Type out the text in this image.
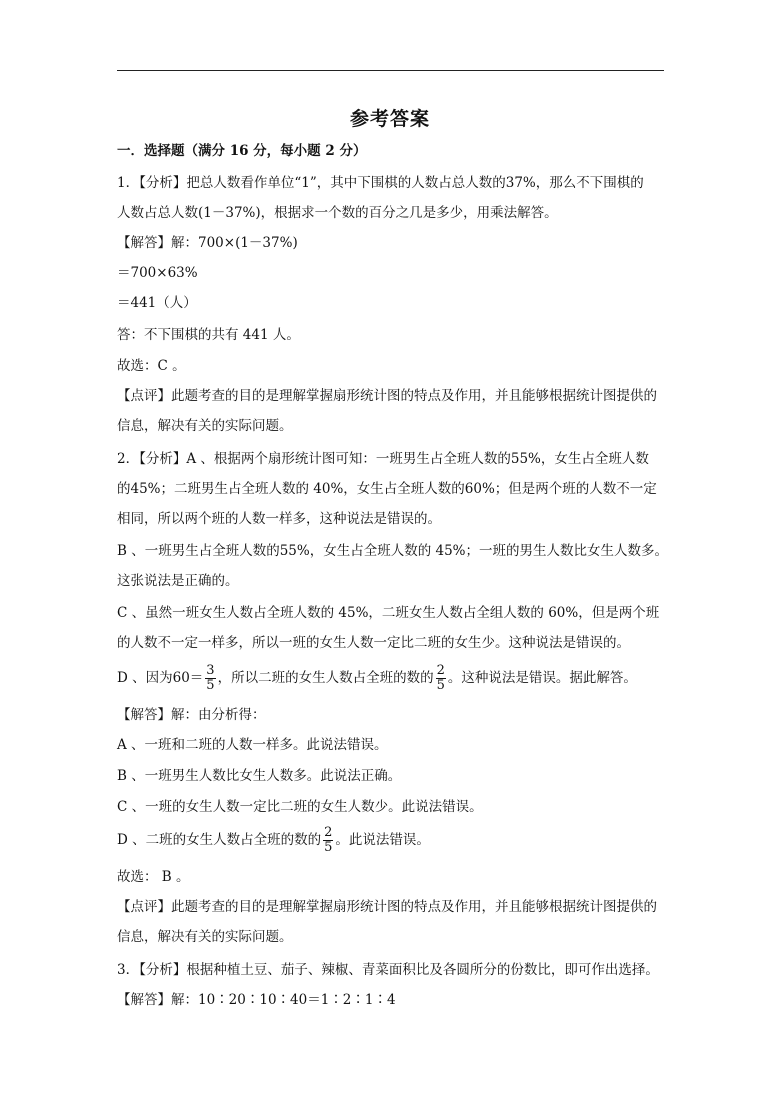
参考答案
一．选择题（满分 16 分，每小题 2 分）
1．【分析】把总人数看作单位“1”，其中下围棋的人数占总人数的37%，那么不下围棋的
人数占总人数(1－37%)，根据求一个数的百分之几是多少，用乘法解答。
【解答】解：700×(1－37%)
＝700×63%
＝441（人）
答：不下围棋的共有 441 人。
故选：C 。
【点评】此题考查的目的是理解掌握扇形统计图的特点及作用，并且能够根据统计图提供的
信息，解决有关的实际问题。
2．【分析】A 、根据两个扇形统计图可知：一班男生占全班人数的55%，女生占全班人数
的45%；二班男生占全班人数的 40%，女生占全班人数的60%；但是两个班的人数不一定
相同，所以两个班的人数一样多，这种说法是错误的。
B 、一班男生占全班人数的55%，女生占全班人数的 45%；一班的男生人数比女生人数多。
这张说法是正确的。
C 、虽然一班女生人数占全班人数的 45%，二班女生人数占全组人数的 60%，但是两个班
的人数不一定一样多，所以一班的女生人数一定比二班的女生少。这种说法是错误的。
D 、因为$60= \frac{3}{5}$ ，所以二班的女生人数占全班的数的 $\frac{2}{5}$ 。这种说法是错误。据此解答。
【解答】解：由分析得：
A 、一班和二班的人数一样多。此说法错误。
B 、一班男生人数比女生人数多。此说法正确。
C 、一班的女生人数一定比二班的女生人数少。此说法错误。
D 、二班的女生人数占全班的数的 $\frac{2}{5}$ 。此说法错误。
故选： B 。
【点评】此题考查的目的是理解掌握扇形统计图的特点及作用，并且能够根据统计图提供的
信息，解决有关的实际问题。
3．【分析】根据种植土豆、茄子、辣椒、青菜面积比及各圆所分的份数比，即可作出选择。
【解答】解：10∶20∶10∶40＝1∶2∶1∶4
